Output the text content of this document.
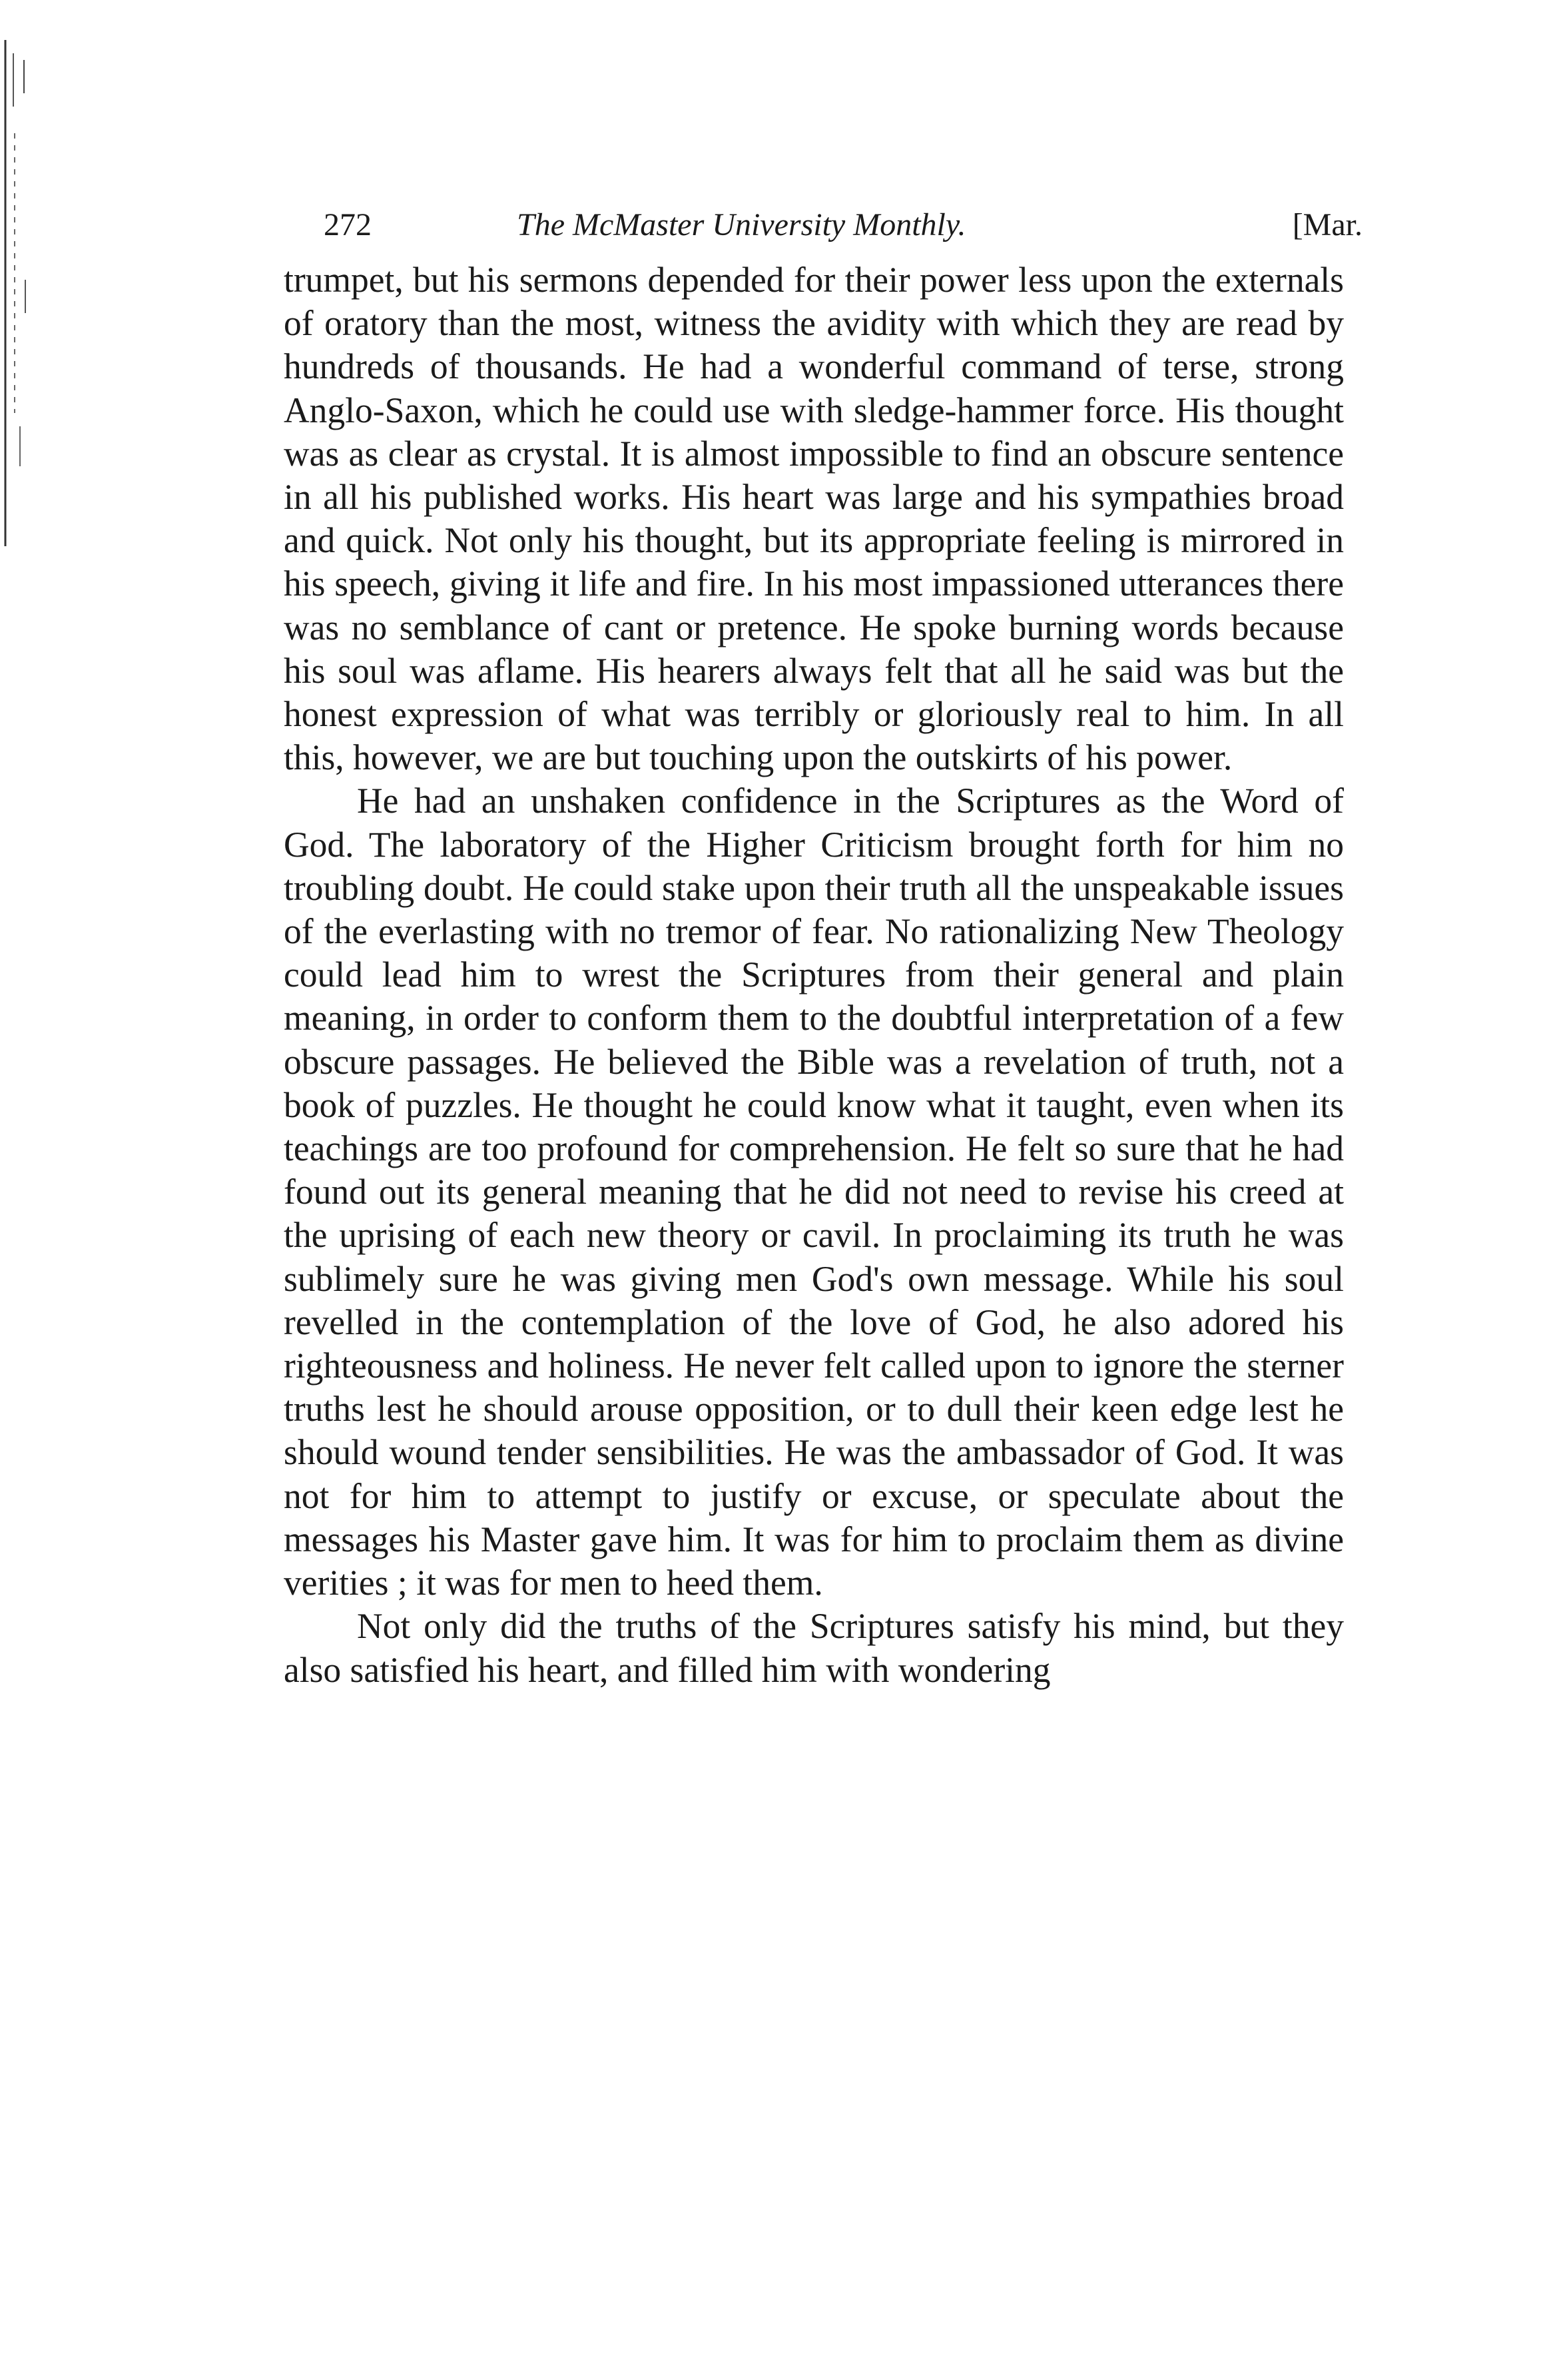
272	The McMaster University Monthly.	[Mar.

trumpet, but his sermons depended for their power less upon the externals of oratory than the most, witness the avidity with which they are read by hundreds of thousands. He had a wonderful command of terse, strong Anglo-Saxon, which he could use with sledge-hammer force. His thought was as clear as crystal. It is almost impossible to find an obscure sentence in all his published works. His heart was large and his sympathies broad and quick. Not only his thought, but its appropriate feeling is mirrored in his speech, giving it life and fire. In his most impassioned utterances there was no semblance of cant or pretence. He spoke burning words because his soul was aflame. His hearers always felt that all he said was but the honest expression of what was terribly or gloriously real to him. In all this, however, we are but touching upon the outskirts of his power.

He had an unshaken confidence in the Scriptures as the Word of God. The laboratory of the Higher Criticism brought forth for him no troubling doubt. He could stake upon their truth all the unspeakable issues of the everlasting with no tremor of fear. No rationalizing New Theology could lead him to wrest the Scriptures from their general and plain meaning, in order to conform them to the doubtful interpretation of a few obscure passages. He believed the Bible was a revelation of truth, not a book of puzzles. He thought he could know what it taught, even when its teachings are too profound for comprehension. He felt so sure that he had found out its general meaning that he did not need to revise his creed at the uprising of each new theory or cavil. In proclaiming its truth he was sublimely sure he was giving men God's own message. While his soul revelled in the contemplation of the love of God, he also adored his righteousness and holiness. He never felt called upon to ignore the sterner truths lest he should arouse opposition, or to dull their keen edge lest he should wound tender sensibilities. He was the ambassador of God. It was not for him to attempt to justify or excuse, or speculate about the messages his Master gave him. It was for him to proclaim them as divine verities ; it was for men to heed them.

Not only did the truths of the Scriptures satisfy his mind, but they also satisfied his heart, and filled him with wondering
